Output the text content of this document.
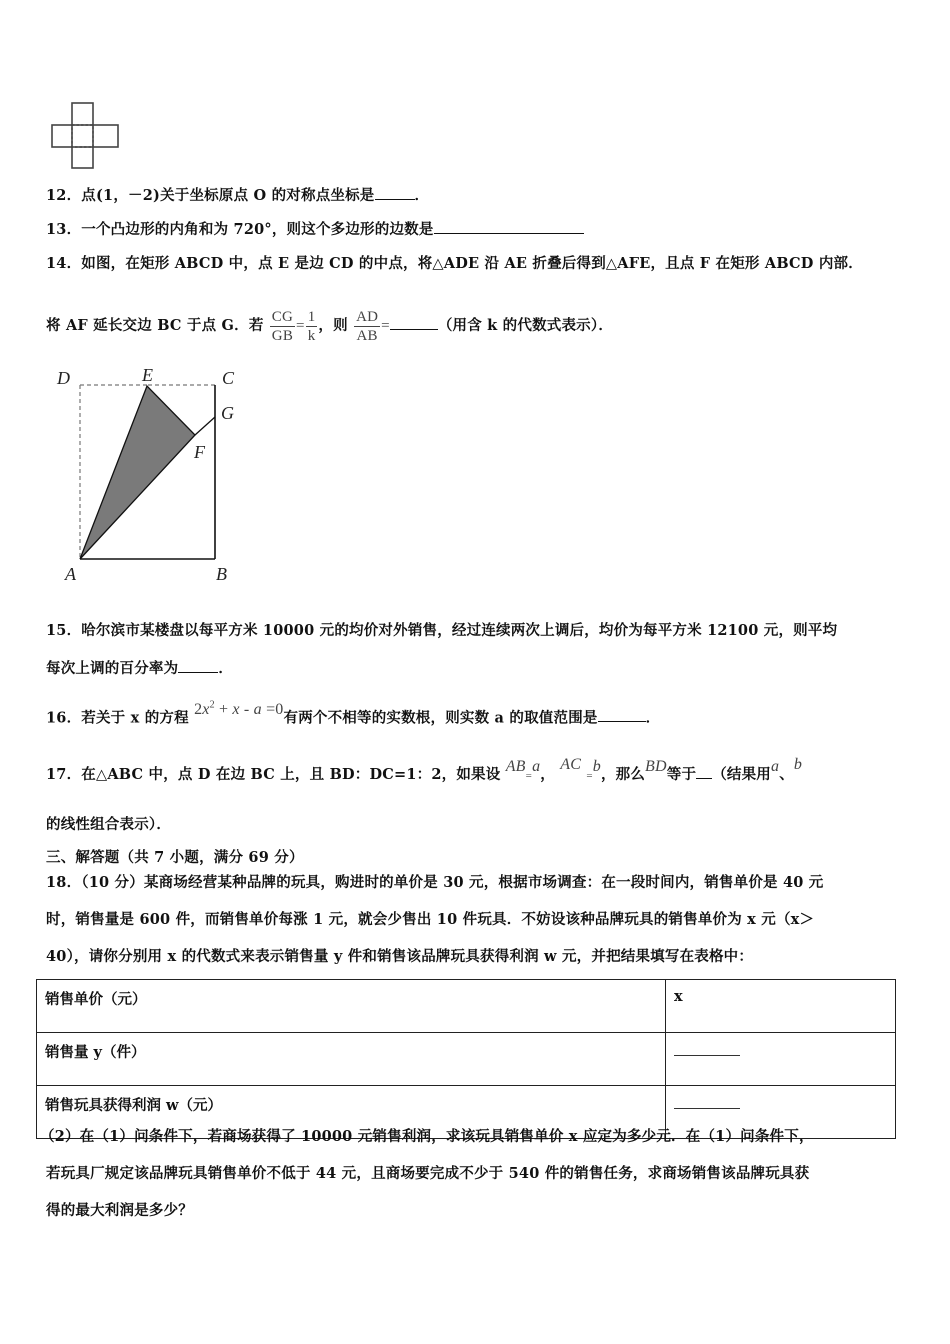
12．点(1，－2)关于坐标原点 O 的对称点坐标是	．
13．一个凸边形的内角和为 720°，则这个多边形的边数是
14．如图，在矩形 ABCD 中，点 E 是边 CD 的中点，将△ADE 沿 AE 折叠后得到△AFE，且点 F 在矩形 ABCD 内部．
将 AF 延长交边 BC 于点 G．若 $\frac{CG}{GB} = \frac{1}{k}$ ，则 $\frac{AD}{AB}$ =	（用含 k 的代数式表示）．
D	E	C
G
F
A	B
15．哈尔滨市某楼盘以每平方米 10000 元的均价对外销售，经过连续两次上调后，均价为每平方米 12100 元，则平均
每次上调的百分率为	．
16．若关于 x 的方程 $2x^2 + x - a =0$有两个不相等的实数根，则实数 a 的取值范围是	．
17．在△ABC 中，点 D 在边 BC 上，且 BD：DC=1：2，如果设 AB=a， AC =b，那么BD等于 （结果用a、b
的线性组合表示）．
三、解答题（共 7 小题，满分 69 分）
18．（10 分）某商场经营某种品牌的玩具，购进时的单价是 30 元，根据市场调查：在一段时间内，销售单价是 40 元
时，销售量是 600 件，而销售单价每涨 1 元，就会少售出 10 件玩具．不妨设该种品牌玩具的销售单价为 x 元（x＞
40），请你分别用 x 的代数式来表示销售量 y 件和销售该品牌玩具获得利润 w 元，并把结果填写在表格中：
销售单价（元）	x
销售量 y（件）	
销售玩具获得利润 w（元）	
（2）在（1）问条件下，若商场获得了 10000 元销售利润，求该玩具销售单价 x 应定为多少元．在（1）问条件下，
若玩具厂规定该品牌玩具销售单价不低于 44 元，且商场要完成不少于 540 件的销售任务，求商场销售该品牌玩具获
得的最大利润是多少？
